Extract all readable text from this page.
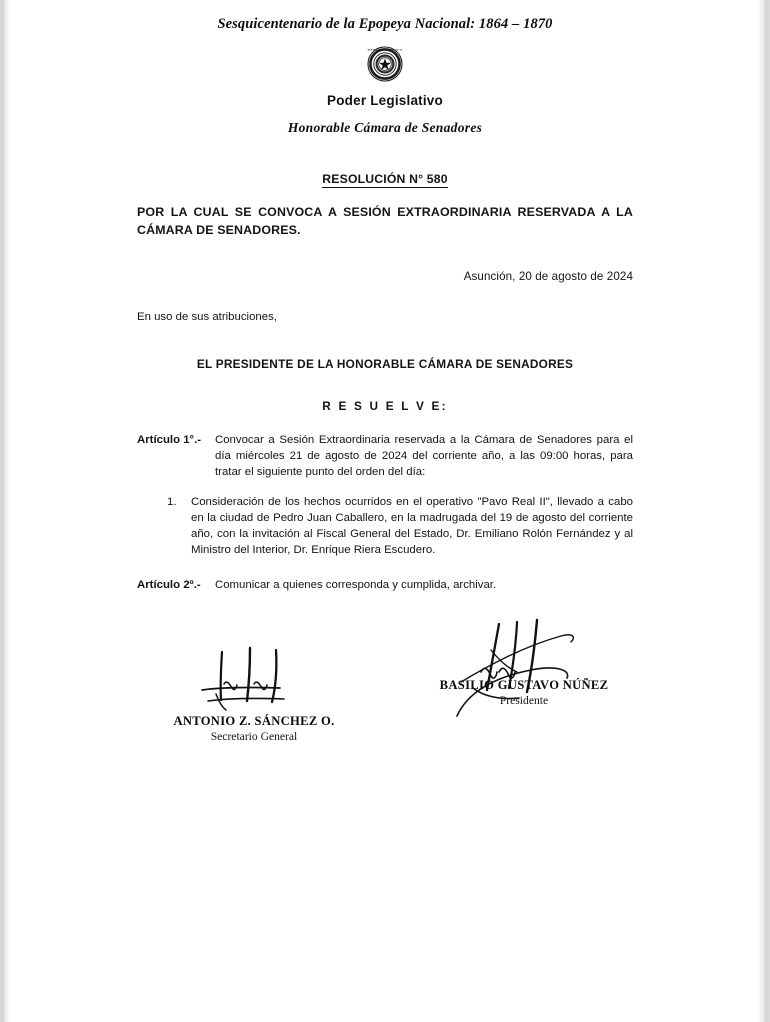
Sesquicentenario de la Epopeya Nacional: 1864 – 1870
REPÚBLICA DEL PARAGUAY
Poder Legislativo
Honorable Cámara de Senadores
RESOLUCIÓN N° 580
POR LA CUAL SE CONVOCA A SESIÓN EXTRAORDINARIA RESERVADA A LA CÁMARA DE SENADORES.
Asunción, 20 de agosto de 2024
En uso de sus atribuciones,
EL PRESIDENTE DE LA HONORABLE CÁMARA DE SENADORES
R E S U E L V E:
Artículo 1°.-	Convocar a Sesión Extraordinaria reservada a la Cámara de Senadores para el día miércoles 21 de agosto de 2024 del corriente año, a las 09:00 horas, para tratar el siguiente punto del orden del día:
1.	Consideración de los hechos ocurridos en el operativo "Pavo Real II", llevado a cabo en la ciudad de Pedro Juan Caballero, en la madrugada del 19 de agosto del corriente año, con la invitación al Fiscal General del Estado, Dr. Emiliano Rolón Fernández y al Ministro del Interior, Dr. Enrique Riera Escudero.
Artículo 2º.-	Comunicar a quienes corresponda y cumplida, archivar.
ANTONIO Z. SÁNCHEZ O.
Secretario General
BASILIO GUSTAVO NÚÑEZ
Presidente
